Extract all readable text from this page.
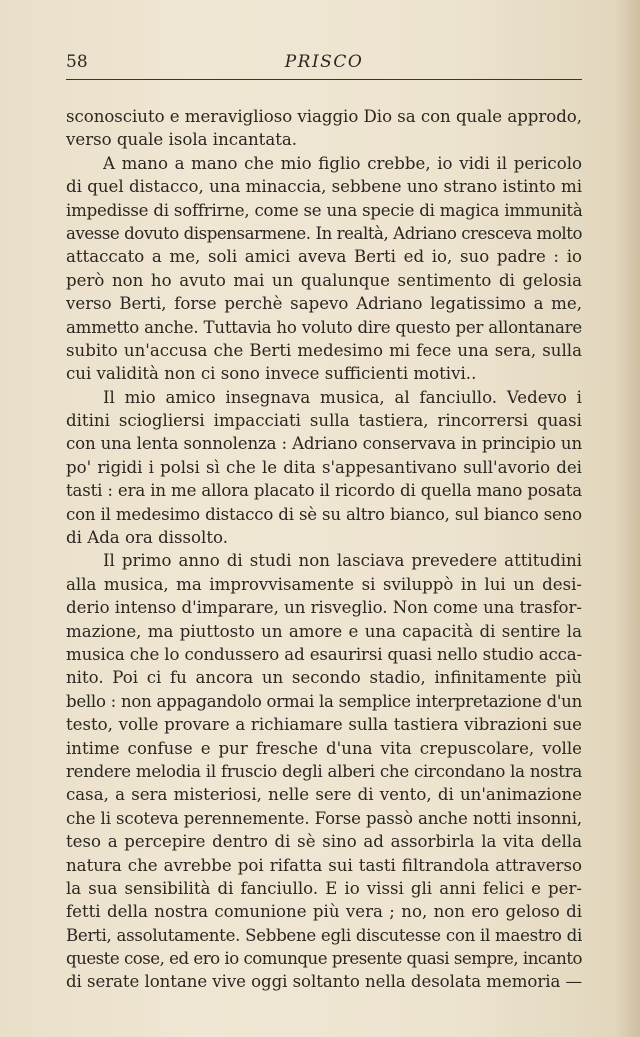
58	PRISCO
sconosciuto e meraviglioso viaggio Dio sa con quale approdo,
verso quale isola incantata.
A mano a mano che mio figlio crebbe, io vidi il pericolo
di quel distacco, una minaccia, sebbene uno strano istinto mi
impedisse di soffrirne, come se una specie di magica immunità
avesse dovuto dispensarmene. In realtà, Adriano cresceva molto
attaccato a me, soli amici aveva Berti ed io, suo padre : io
però non ho avuto mai un qualunque sentimento di gelosia
verso Berti, forse perchè sapevo Adriano legatissimo a me,
ammetto anche. Tuttavia ho voluto dire questo per allontanare
subito un'accusa che Berti medesimo mi fece una sera, sulla
cui validità non ci sono invece sufficienti motivi..
Il mio amico insegnava musica, al fanciullo. Vedevo i
ditini sciogliersi impacciati sulla tastiera, rincorrersi quasi
con una lenta sonnolenza : Adriano conservava in principio un
po' rigidi i polsi sì che le dita s'appesantivano sull'avorio dei
tasti : era in me allora placato il ricordo di quella mano posata
con il medesimo distacco di sè su altro bianco, sul bianco seno
di Ada ora dissolto.
Il primo anno di studi non lasciava prevedere attitudini
alla musica, ma improvvisamente si sviluppò in lui un desi-
derio intenso d'imparare, un risveglio. Non come una trasfor-
mazione, ma piuttosto un amore e una capacità di sentire la
musica che lo condussero ad esaurirsi quasi nello studio acca-
nito. Poi ci fu ancora un secondo stadio, infinitamente più
bello : non appagandolo ormai la semplice interpretazione d'un
testo, volle provare a richiamare sulla tastiera vibrazioni sue
intime confuse e pur fresche d'una vita crepuscolare, volle
rendere melodia il fruscio degli alberi che circondano la nostra
casa, a sera misteriosi, nelle sere di vento, di un'animazione
che li scoteva perennemente. Forse passò anche notti insonni,
teso a percepire dentro di sè sino ad assorbirla la vita della
natura che avrebbe poi rifatta sui tasti filtrandola attraverso
la sua sensibilità di fanciullo. E io vissi gli anni felici e per-
fetti della nostra comunione più vera ; no, non ero geloso di
Berti, assolutamente. Sebbene egli discutesse con il maestro di
queste cose, ed ero io comunque presente quasi sempre, incanto
di serate lontane vive oggi soltanto nella desolata memoria —
